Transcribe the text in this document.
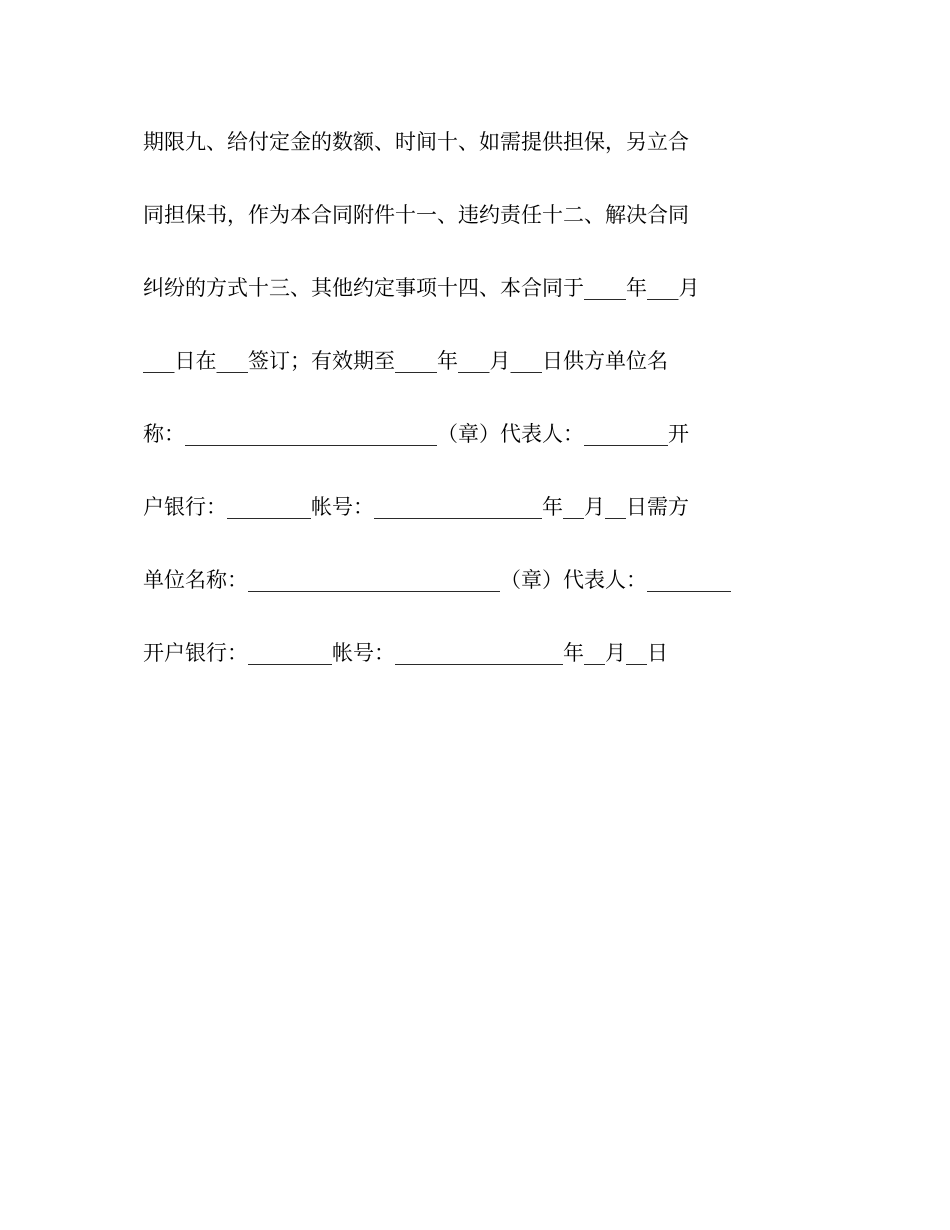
期限九、给付定金的数额、时间十、如需提供担保，另立合
同担保书，作为本合同附件十一、违约责任十二、解决合同
纠纷的方式十三、其他约定事项十四、本合同于____年___月
___日在___签订；有效期至____年___月___日供方单位名
称：________________________（章）代表人：________开
户银行：________帐号：________________年__月__日需方
单位名称：________________________（章）代表人：________
开户银行：________帐号：________________年__月__日
